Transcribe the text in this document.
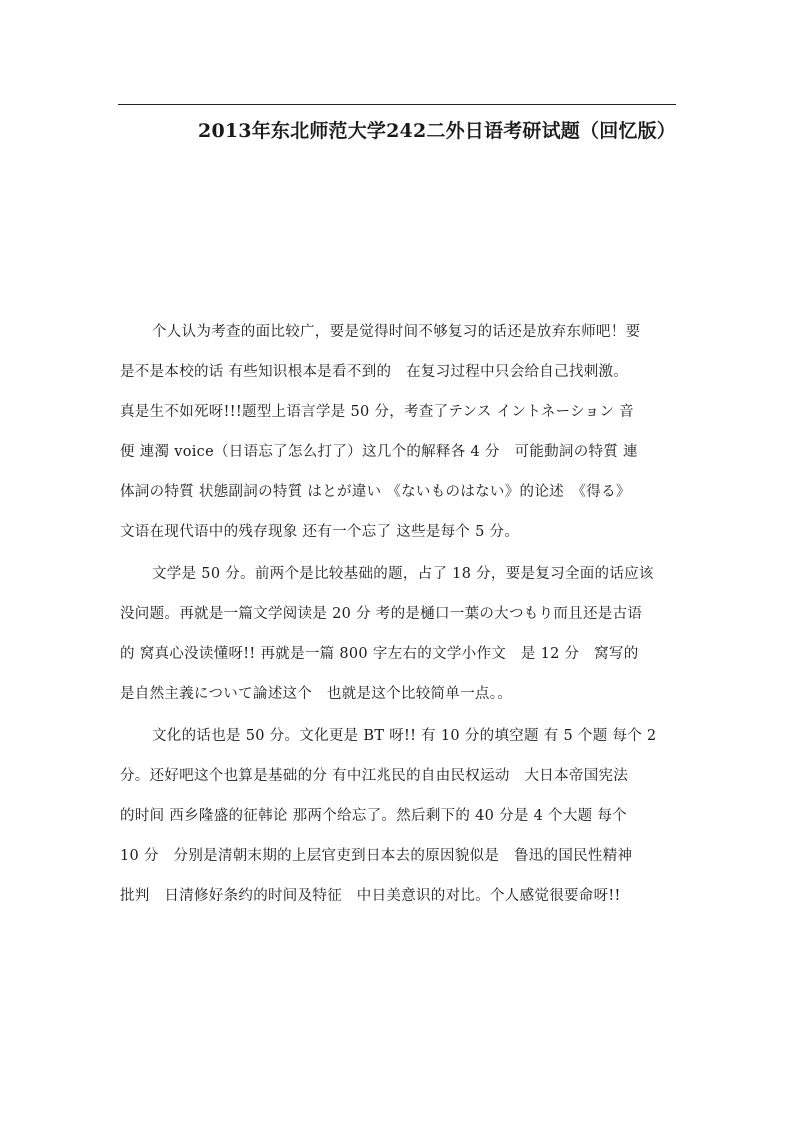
2013年东北师范大学242二外日语考研试题（回忆版）
个人认为考查的面比较广，要是觉得时间不够复习的话还是放弃东师吧！要
是不是本校的话 有些知识根本是看不到的　在复习过程中只会给自己找刺激。
真是生不如死呀!!!题型上语言学是 50 分，考查了テンス イントネーション 音
便 連濁 voice（日语忘了怎么打了）这几个的解释各 4 分　可能動詞の特質 連
体詞の特質 状態副詞の特質 はとが違い 《ないものはない》的论述　《得る》
文语在现代语中的残存现象 还有一个忘了 这些是每个 5 分。
文学是 50 分。前两个是比较基础的题，占了 18 分，要是复习全面的话应该
没问题。再就是一篇文学阅读是 20 分 考的是樋口一葉の大つもり而且还是古语
的 窝真心没读懂呀!! 再就是一篇 800 字左右的文学小作文　是 12 分　窝写的
是自然主義について論述这个　也就是这个比较简单一点。。
文化的话也是 50 分。文化更是 BT 呀!! 有 10 分的填空题 有 5 个题 每个 2
分。还好吧这个也算是基础的分 有中江兆民的自由民权运动　大日本帝国宪法
的时间 西乡隆盛的征韩论 那两个给忘了。然后剩下的 40 分是 4 个大题 每个
10 分　分别是清朝末期的上层官吏到日本去的原因貌似是　鲁迅的国民性精神
批判　日清修好条约的时间及特征　中日美意识的对比。个人感觉很要命呀!!
